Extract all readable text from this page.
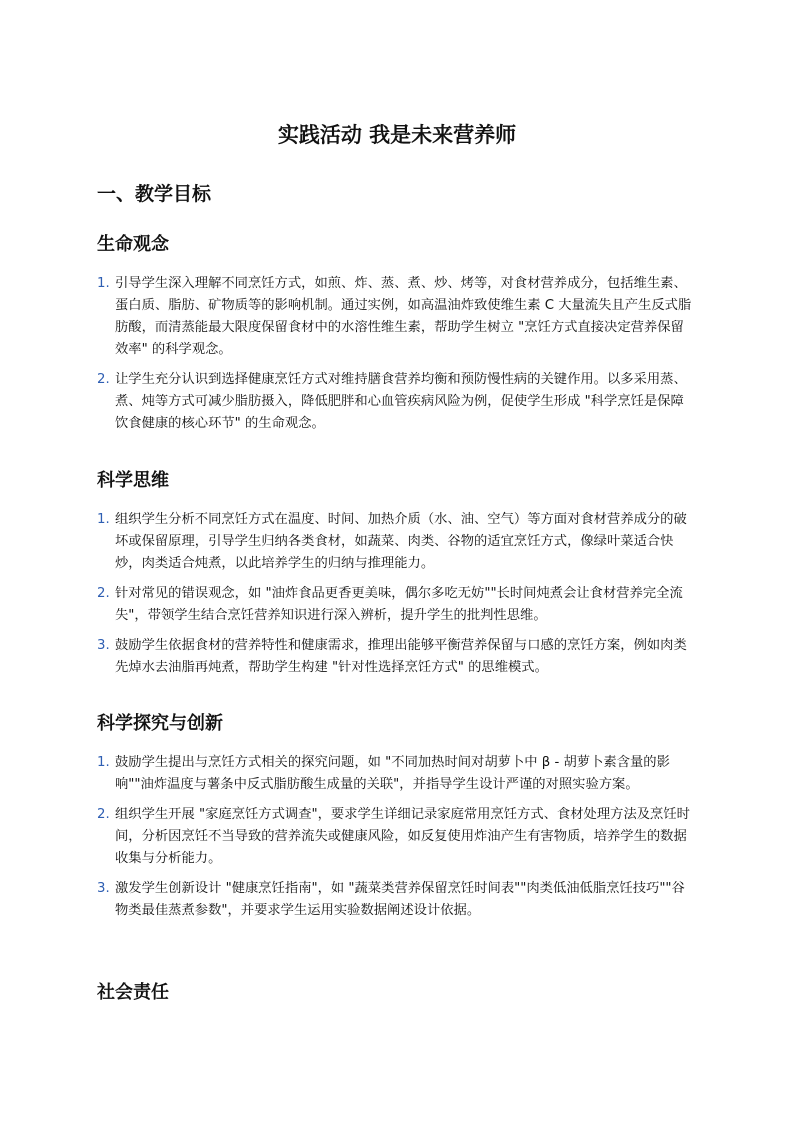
实践活动 我是未来营养师
一、教学目标
生命观念
1. 引导学生深入理解不同烹饪方式，如煎、炸、蒸、煮、炒、烤等，对食材营养成分，包括维生素、蛋白质、脂肪、矿物质等的影响机制。通过实例，如高温油炸致使维生素 C 大量流失且产生反式脂肪酸，而清蒸能最大限度保留食材中的水溶性维生素，帮助学生树立 "烹饪方式直接决定营养保留效率" 的科学观念。
2. 让学生充分认识到选择健康烹饪方式对维持膳食营养均衡和预防慢性病的关键作用。以多采用蒸、煮、炖等方式可减少脂肪摄入，降低肥胖和心血管疾病风险为例，促使学生形成 "科学烹饪是保障饮食健康的核心环节" 的生命观念。
科学思维
1. 组织学生分析不同烹饪方式在温度、时间、加热介质（水、油、空气）等方面对食材营养成分的破坏或保留原理，引导学生归纳各类食材，如蔬菜、肉类、谷物的适宜烹饪方式，像绿叶菜适合快炒，肉类适合炖煮，以此培养学生的归纳与推理能力。
2. 针对常见的错误观念，如 "油炸食品更香更美味，偶尔多吃无妨""长时间炖煮会让食材营养完全流失"，带领学生结合烹饪营养知识进行深入辨析，提升学生的批判性思维。
3. 鼓励学生依据食材的营养特性和健康需求，推理出能够平衡营养保留与口感的烹饪方案，例如肉类先焯水去油脂再炖煮，帮助学生构建 "针对性选择烹饪方式" 的思维模式。
科学探究与创新
1. 鼓励学生提出与烹饪方式相关的探究问题，如 "不同加热时间对胡萝卜中 β - 胡萝卜素含量的影响""油炸温度与薯条中反式脂肪酸生成量的关联"，并指导学生设计严谨的对照实验方案。
2. 组织学生开展 "家庭烹饪方式调查"，要求学生详细记录家庭常用烹饪方式、食材处理方法及烹饪时间，分析因烹饪不当导致的营养流失或健康风险，如反复使用炸油产生有害物质，培养学生的数据收集与分析能力。
3. 激发学生创新设计 "健康烹饪指南"，如 "蔬菜类营养保留烹饪时间表""肉类低油低脂烹饪技巧""谷物类最佳蒸煮参数"，并要求学生运用实验数据阐述设计依据。
社会责任
